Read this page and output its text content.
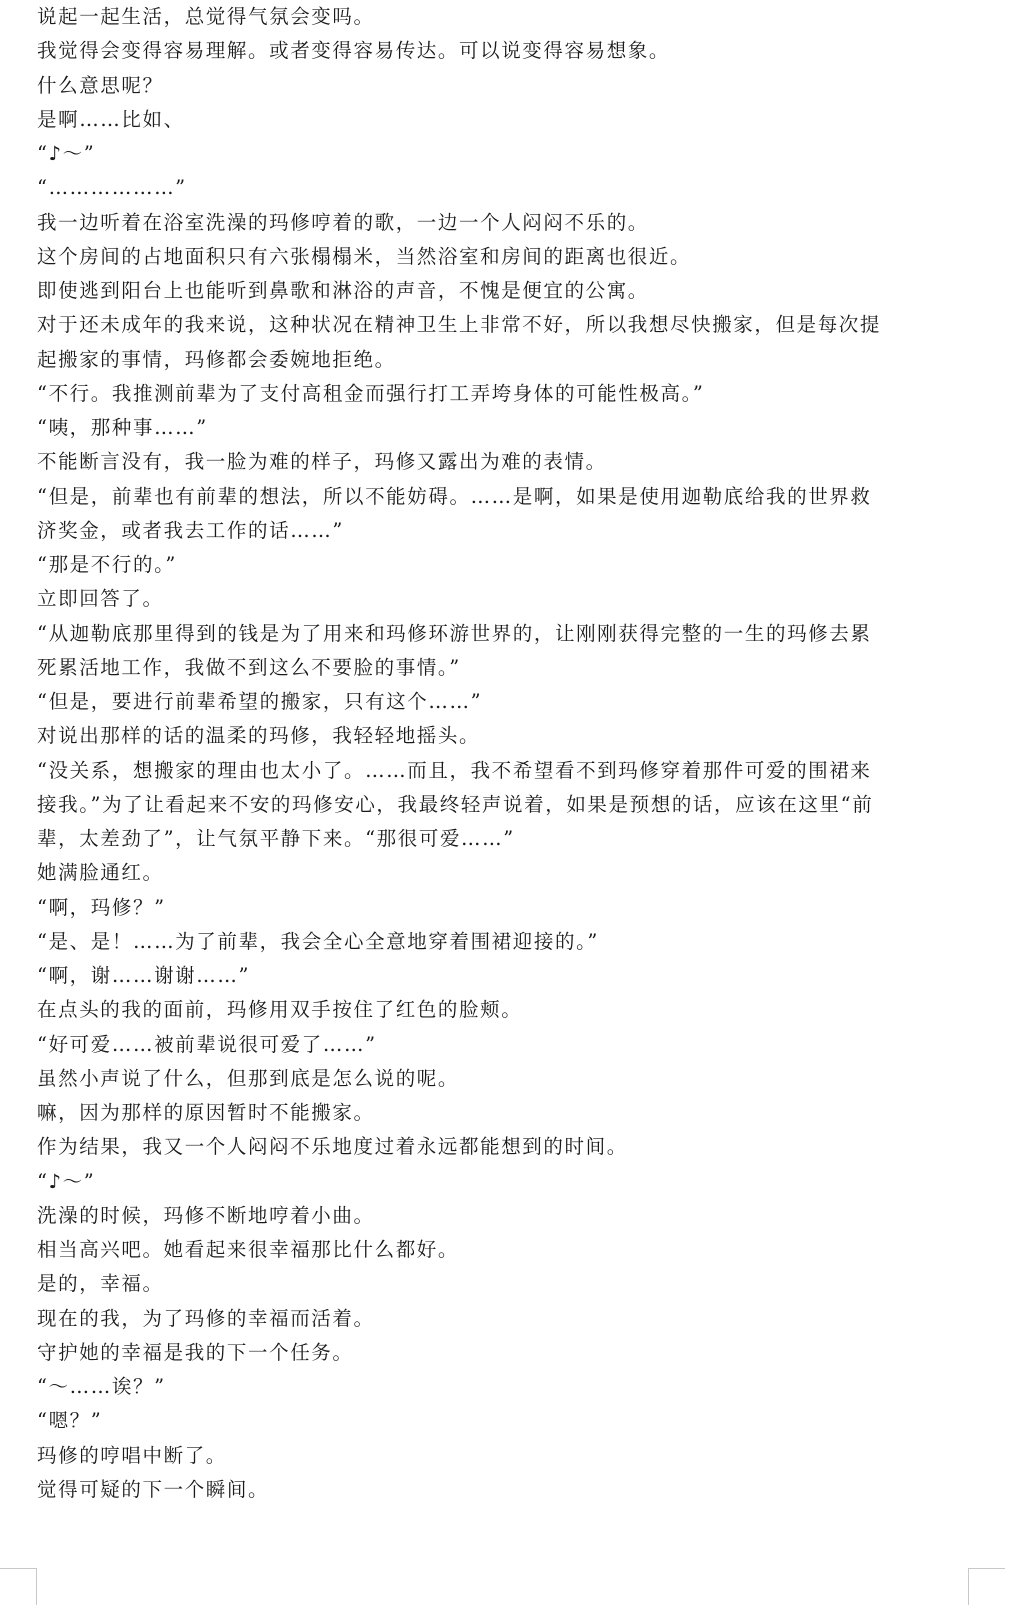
说起一起生活，总觉得气氛会变吗。
我觉得会变得容易理解。或者变得容易传达。可以说变得容易想象。
什么意思呢？
是啊……比如、
“♪～”
“………………”
我一边听着在浴室洗澡的玛修哼着的歌，一边一个人闷闷不乐的。
这个房间的占地面积只有六张榻榻米，当然浴室和房间的距离也很近。
即使逃到阳台上也能听到鼻歌和淋浴的声音，不愧是便宜的公寓。
对于还未成年的我来说，这种状况在精神卫生上非常不好，所以我想尽快搬家，但是每次提
起搬家的事情，玛修都会委婉地拒绝。
“不行。我推测前辈为了支付高租金而强行打工弄垮身体的可能性极高。”
“咦，那种事……”
不能断言没有，我一脸为难的样子，玛修又露出为难的表情。
“但是，前辈也有前辈的想法，所以不能妨碍。……是啊，如果是使用迦勒底给我的世界救
济奖金，或者我去工作的话……”
“那是不行的。”
立即回答了。
“从迦勒底那里得到的钱是为了用来和玛修环游世界的，让刚刚获得完整的一生的玛修去累
死累活地工作，我做不到这么不要脸的事情。”
“但是，要进行前辈希望的搬家，只有这个……”
对说出那样的话的温柔的玛修，我轻轻地摇头。
“没关系，想搬家的理由也太小了。……而且，我不希望看不到玛修穿着那件可爱的围裙来
接我。”为了让看起来不安的玛修安心，我最终轻声说着，如果是预想的话，应该在这里“前
辈，太差劲了”，让气氛平静下来。“那很可爱……”
她满脸通红。
“啊，玛修？”
“是、是！……为了前辈，我会全心全意地穿着围裙迎接的。”
“啊，谢……谢谢……”
在点头的我的面前，玛修用双手按住了红色的脸颊。
“好可爱……被前辈说很可爱了……”
虽然小声说了什么，但那到底是怎么说的呢。
嘛，因为那样的原因暂时不能搬家。
作为结果，我又一个人闷闷不乐地度过着永远都能想到的时间。
“♪～”
洗澡的时候，玛修不断地哼着小曲。
相当高兴吧。她看起来很幸福那比什么都好。
是的，幸福。
现在的我，为了玛修的幸福而活着。
守护她的幸福是我的下一个任务。
“～……诶？”
“嗯？”
玛修的哼唱中断了。
觉得可疑的下一个瞬间。
